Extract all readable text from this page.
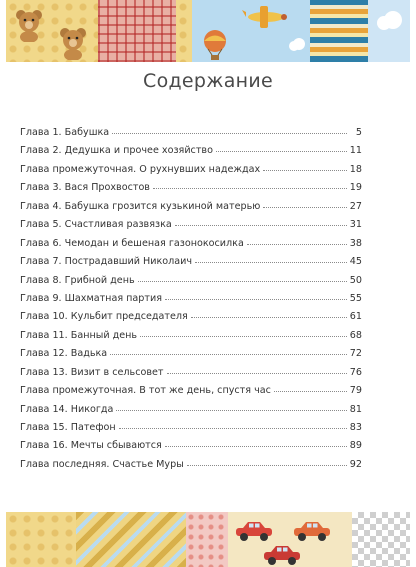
Содержание
Глава 1. Бабушка	5
Глава 2. Дедушка и прочее хозяйство	11
Глава промежуточная. О рухнувших надеждах	18
Глава 3. Вася Прохвостов	19
Глава 4. Бабушка грозится кузькиной матерью	27
Глава 5. Счастливая развязка	31
Глава 6. Чемодан и бешеная газонокосилка	38
Глава 7. Пострадавший Николаич	45
Глава 8. Грибной день	50
Глава 9. Шахматная партия	55
Глава 10. Кульбит председателя	61
Глава 11. Банный день	68
Глава 12. Вадька	72
Глава 13. Визит в сельсовет	76
Глава промежуточная. В тот же день, спустя час	79
Глава 14. Никогда	81
Глава 15. Патефон	83
Глава 16. Мечты сбываются	89
Глава последняя. Счастье Муры	92
